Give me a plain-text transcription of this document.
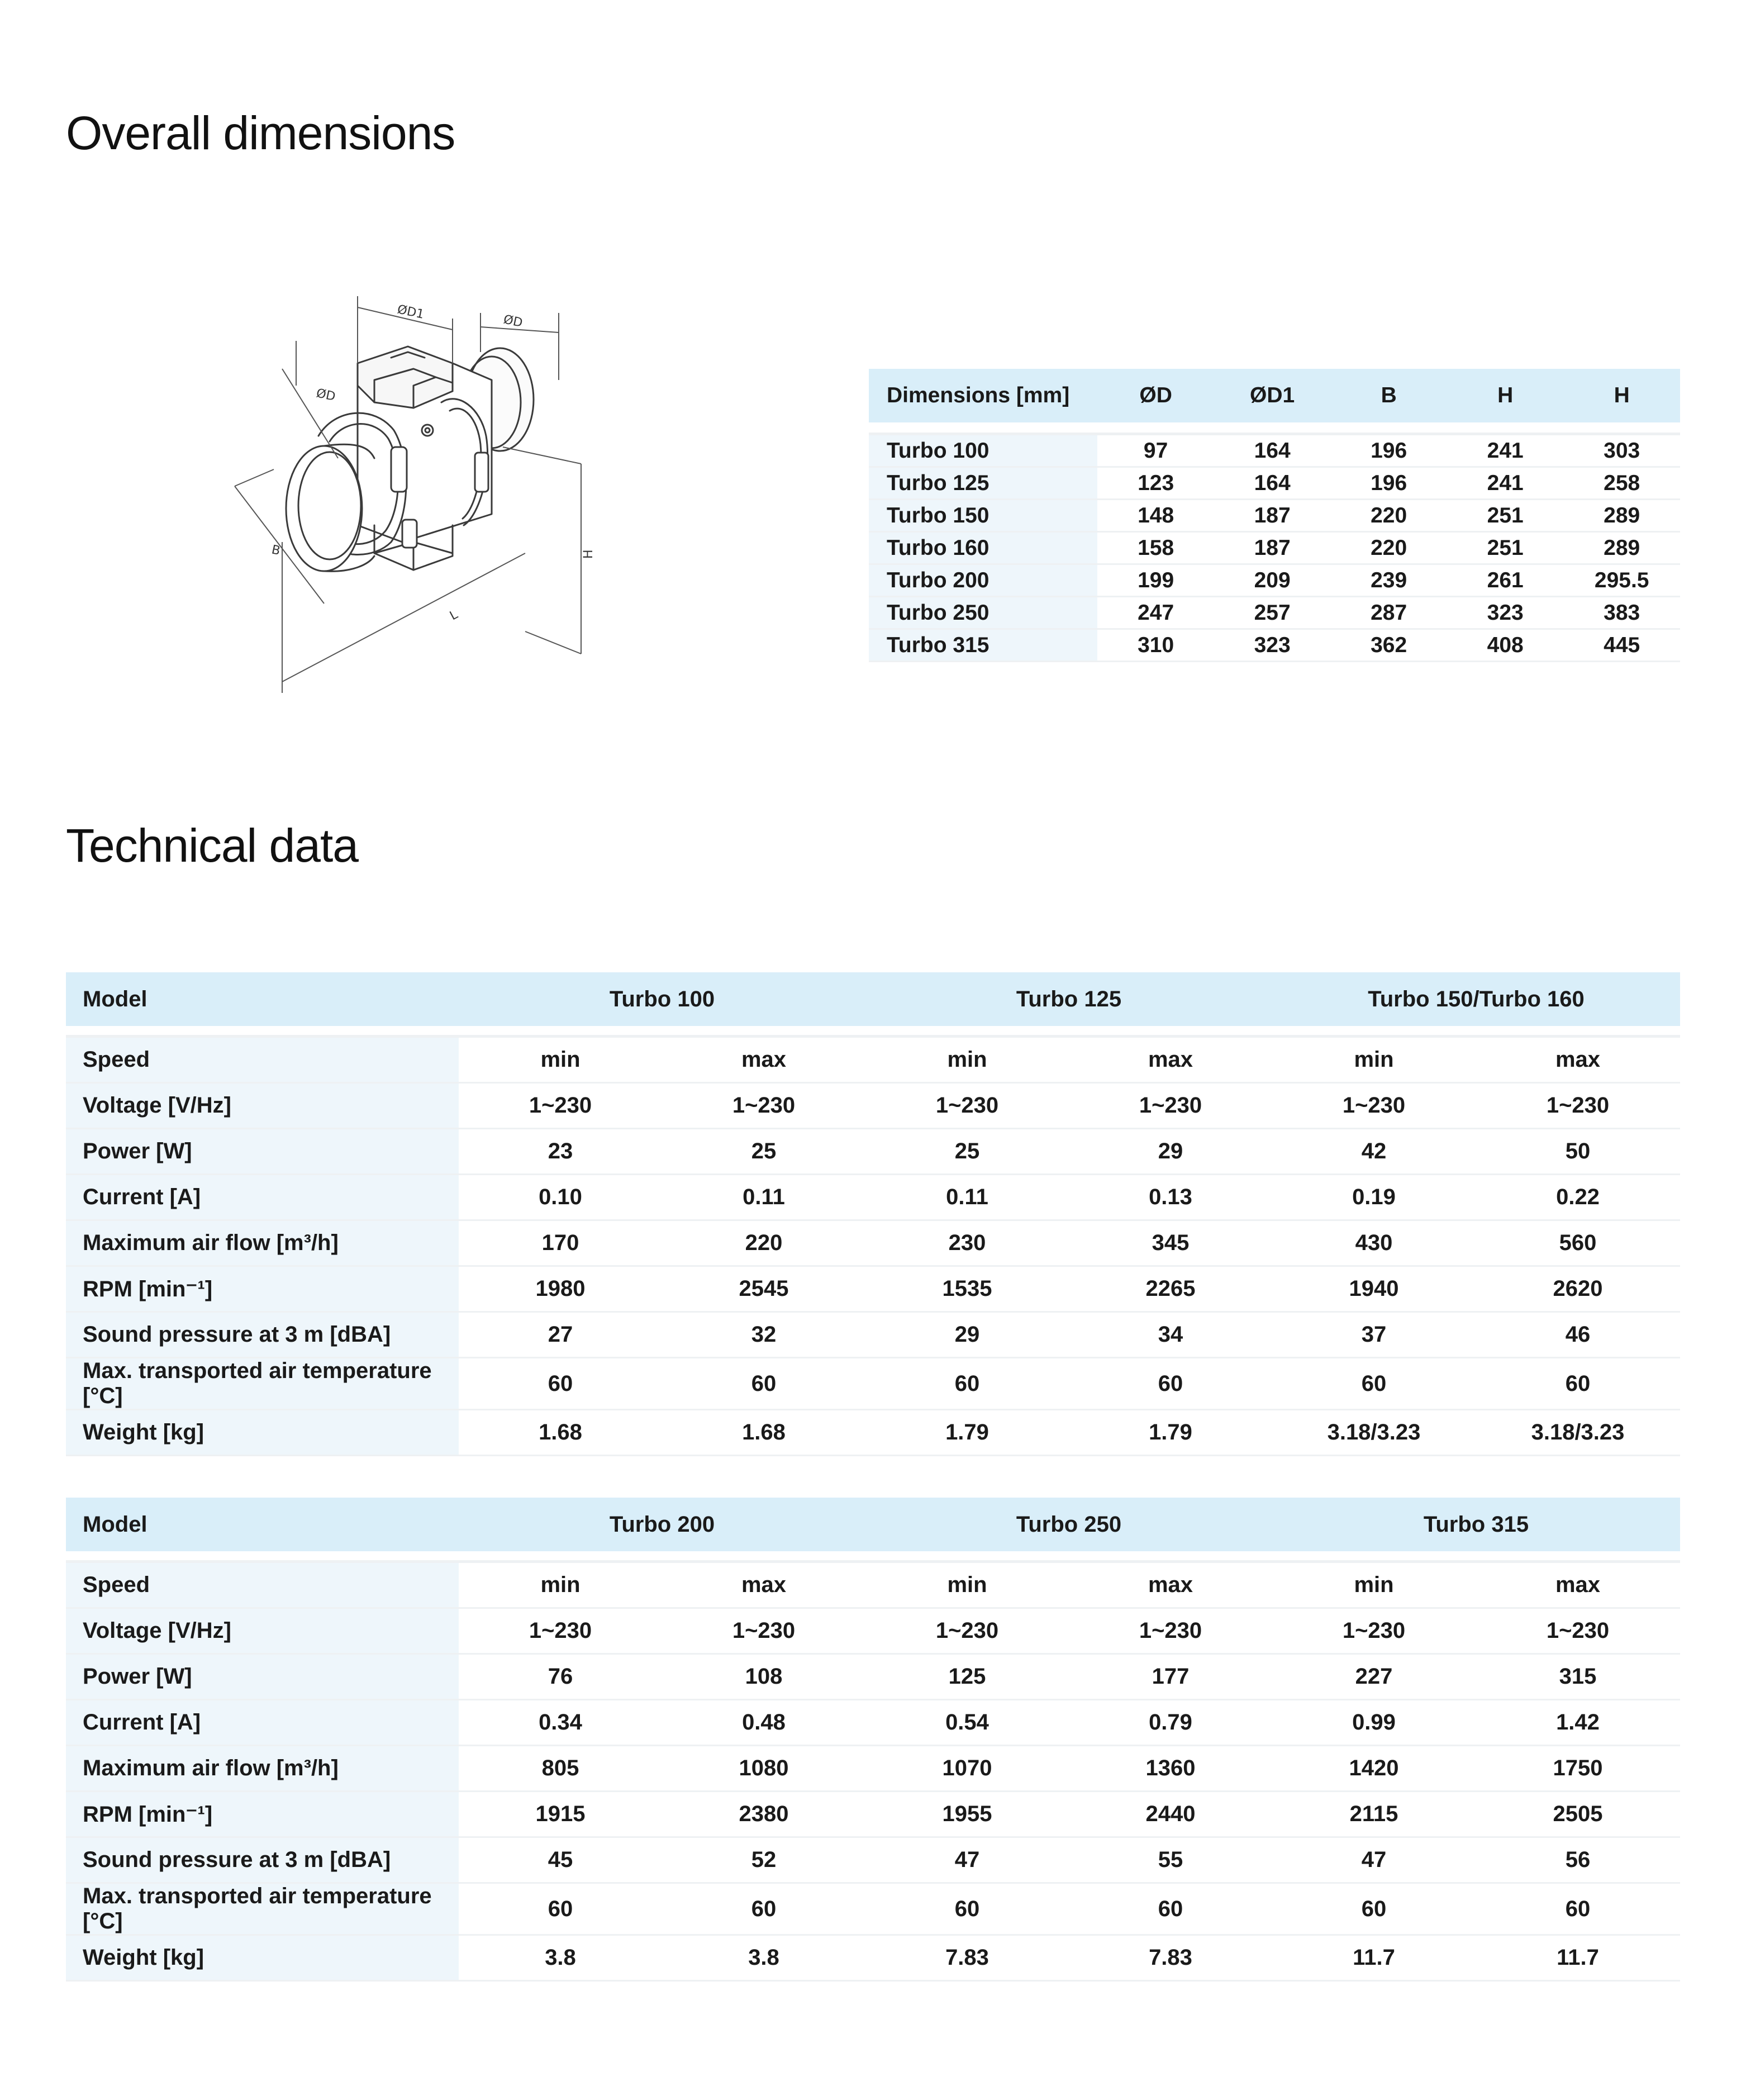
Overall dimensions
ØD1	ØD
ØD
B	H
L
Dimensions [mm]	ØD	ØD1	B	H	H

Turbo 100	97	164	196	241	303
Turbo 125	123	164	196	241	258
Turbo 150	148	187	220	251	289
Turbo 160	158	187	220	251	289
Turbo 200	199	209	239	261	295.5
Turbo 250	247	257	287	323	383
Turbo 315	310	323	362	408	445
Technical data
Model	Turbo 100		Turbo 125		Turbo 150/Turbo 160	

Speed	min	max	min	max	min	max
Voltage [V/Hz]	1~230	1~230	1~230	1~230	1~230	1~230
Power [W]	23	25	25	29	42	50
Current [A]	0.10	0.11	0.11	0.13	0.19	0.22
Maximum air flow [m³/h]	170	220	230	345	430	560
RPM [min⁻¹]	1980	2545	1535	2265	1940	2620
Sound pressure at 3 m [dBA]	27	32	29	34	37	46
Max. transported air temperature [°C]	60	60	60	60	60	60
Weight [kg]	1.68	1.68	1.79	1.79	3.18/3.23	3.18/3.23
Model	Turbo 200		Turbo 250		Turbo 315	

Speed	min	max	min	max	min	max
Voltage [V/Hz]	1~230	1~230	1~230	1~230	1~230	1~230
Power [W]	76	108	125	177	227	315
Current [A]	0.34	0.48	0.54	0.79	0.99	1.42
Maximum air flow [m³/h]	805	1080	1070	1360	1420	1750
RPM [min⁻¹]	1915	2380	1955	2440	2115	2505
Sound pressure at 3 m [dBA]	45	52	47	55	47	56
Max. transported air temperature [°C]	60	60	60	60	60	60
Weight [kg]	3.8	3.8	7.83	7.83	11.7	11.7
